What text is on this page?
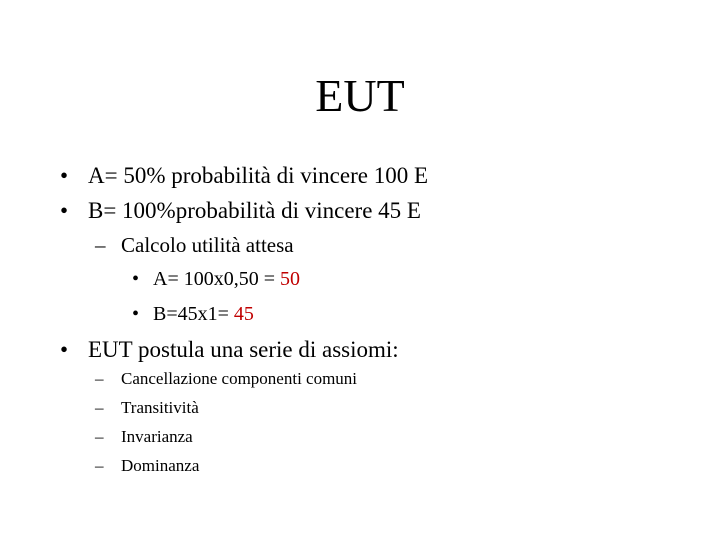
EUT
• A= 50% probabilità di vincere 100 E
• B= 100%probabilità di vincere 45 E
– Calcolo utilità attesa
• A= 100x0,50 = 50
• B=45x1= 45
• EUT postula una serie di assiomi:
– Cancellazione componenti comuni
– Transitività
– Invarianza
– Dominanza
